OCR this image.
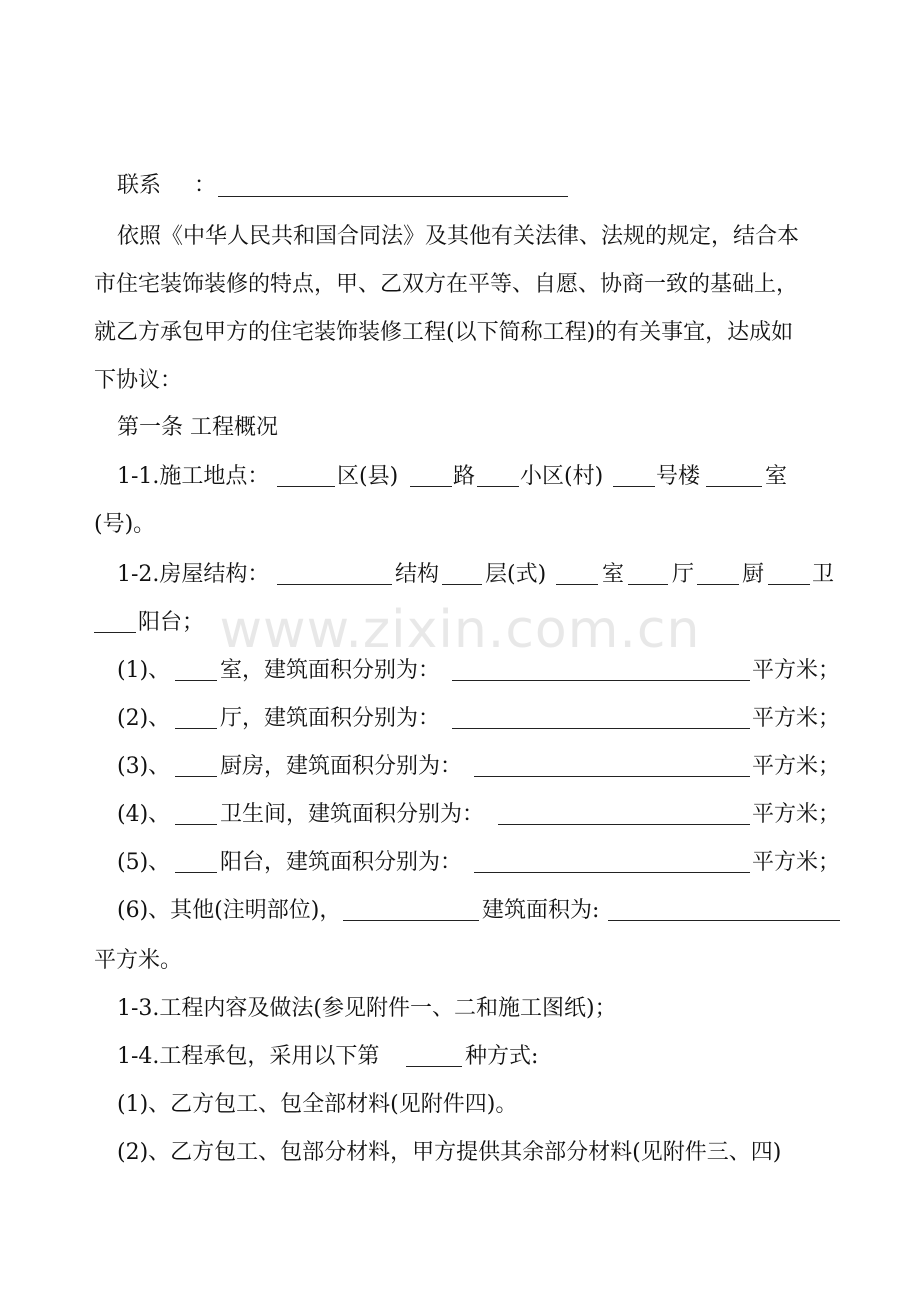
联系 ：
依照《中华人民共和国合同法》及其他有关法律、法规的规定，结合本
市住宅装饰装修的特点，甲、乙双方在平等、自愿、协商一致的基础上，
就乙方承包甲方的住宅装饰装修工程(以下简称工程)的有关事宜，达成如
下协议：
第一条 工程概况
1-1.施工地点：	区(县) 路 小区(村) 号楼	室
(号)。
1-2.房屋结构：	结构 层(式)	室 厅 厨 卫
阳台；
(1)、 室，建筑面积分别为：	平方米；
(2)、 厅，建筑面积分别为：	平方米；
(3)、 厨房，建筑面积分别为：	平方米；
(4)、 卫生间，建筑面积分别为：	平方米；
(5)、 阳台，建筑面积分别为：	平方米；
(6)、其他(注明部位)，	建筑面积为:
平方米。
1-3.工程内容及做法(参见附件一、二和施工图纸)；
1-4.工程承包，采用以下第	种方式:
(1)、乙方包工、包全部材料(见附件四)。
(2)、乙方包工、包部分材料，甲方提供其余部分材料(见附件三、四)
www.zixin.com.cn
